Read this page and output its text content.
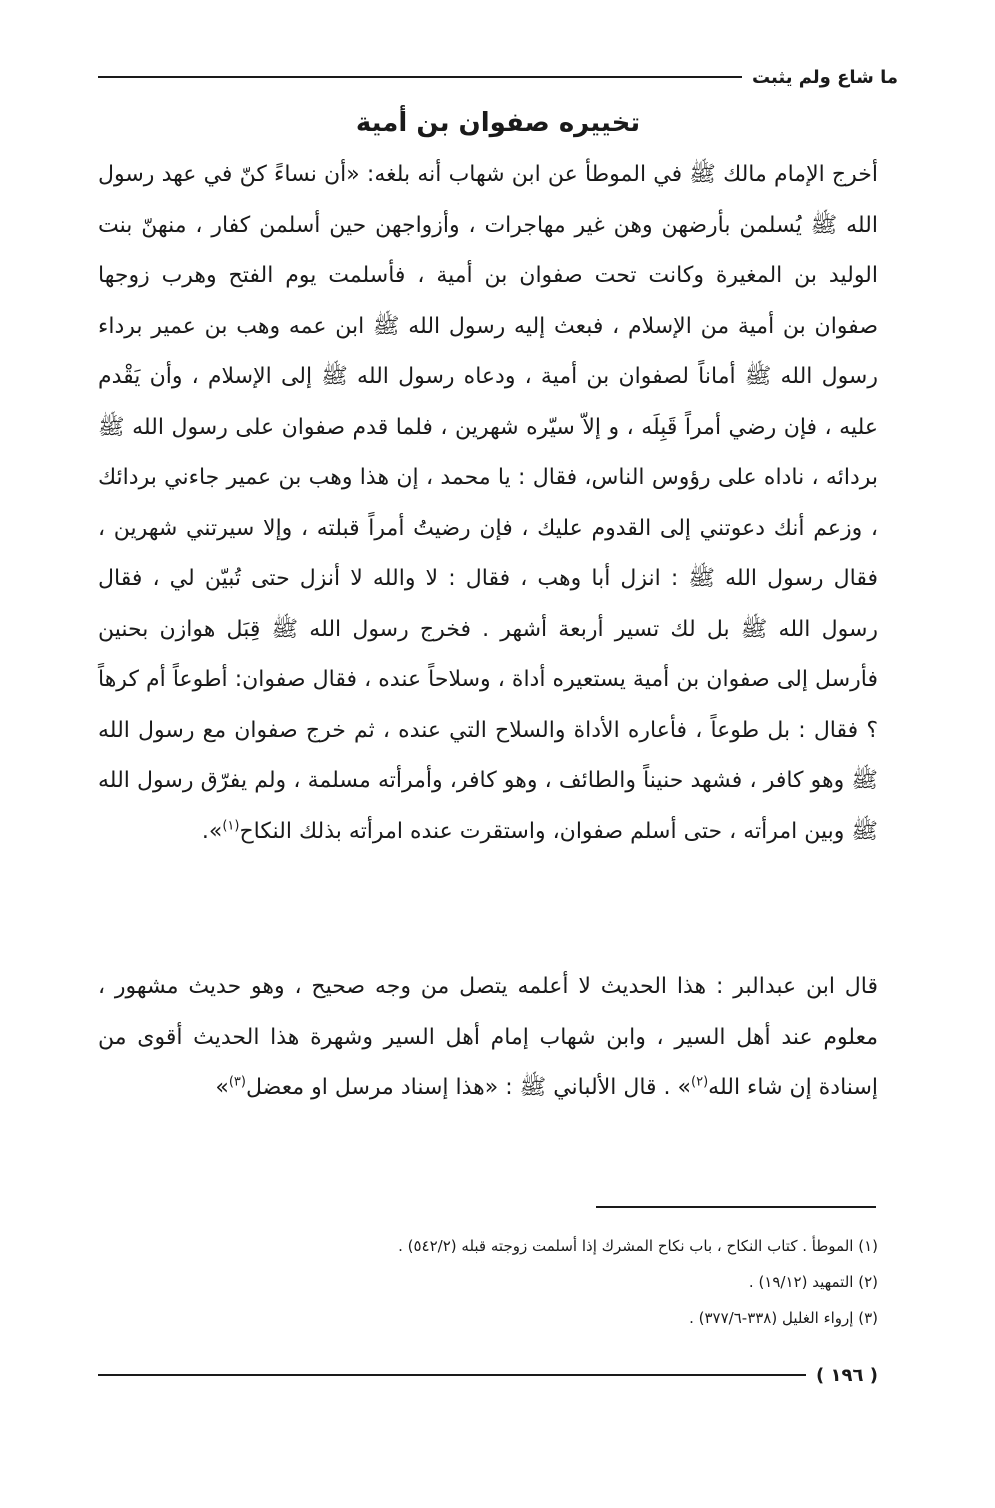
ما شاع ولم يثبت
تخييره صفوان بن أمية

أخرج الإمام مالك ﷺ في الموطأ عن ابن شهاب أنه بلغه: «أن نساءً كنّ في عهد رسول الله ﷺ يُسلمن بأرضهن وهن غير مهاجرات ، وأزواجهن حين أسلمن كفار ، منهنّ بنت الوليد بن المغيرة وكانت تحت صفوان بن أمية ، فأسلمت يوم الفتح وهرب زوجها صفوان بن أمية من الإسلام ، فبعث إليه رسول الله ﷺ ابن عمه وهب بن عمير برداء رسول الله ﷺ أماناً لصفوان بن أمية ، ودعاه رسول الله ﷺ إلى الإسلام ، وأن يَقْدم عليه ، فإن رضي أمراً قَبِلَه ، و إلاّ سيّره شهرين ، فلما قدم صفوان على رسول الله ﷺ بردائه ، ناداه على رؤوس الناس، فقال : يا محمد ، إن هذا وهب بن عمير جاءني بردائك ، وزعم أنك دعوتني إلى القدوم عليك ، فإن رضيتُ أمراً قبلته ، وإلا سيرتني شهرين ، فقال رسول الله ﷺ : انزل أبا وهب ، فقال : لا والله لا أنزل حتى تُبيّن لي ، فقال رسول الله ﷺ بل لك تسير أربعة أشهر . فخرج رسول الله ﷺ قِبَل هوازن بحنين فأرسل إلى صفوان بن أمية يستعيره أداة ، وسلاحاً عنده ، فقال صفوان: أطوعاً أم كرهاً ؟ فقال : بل طوعاً ، فأعاره الأداة والسلاح التي عنده ، ثم خرج صفوان مع رسول الله ﷺ وهو كافر ، فشهد حنيناً والطائف ، وهو كافر، وأمرأته مسلمة ، ولم يفرّق رسول الله ﷺ وبين امرأته ، حتى أسلم صفوان، واستقرت عنده امرأته بذلك النكاح$^{(١)}$».

قال ابن عبدالبر : هذا الحديث لا أعلمه يتصل من وجه صحيح ، وهو حديث مشهور ، معلوم عند أهل السير ، وابن شهاب إمام أهل السير وشهرة هذا الحديث أقوى من إسنادة إن شاء الله$^{(٢)}$» . قال الألباني ﷺ : «هذا إسناد مرسل او معضل$^{(٣)}$»

(١) الموطأ . كتاب النكاح ، باب نكاح المشرك إذا أسلمت زوجته قبله (٥٤٢/٢) .
(٢) التمهيد (١٩/١٢) .
(٣) إرواء الغليل (٣٣٨-٣٧٧/٦) .
( ١٩٦ )
